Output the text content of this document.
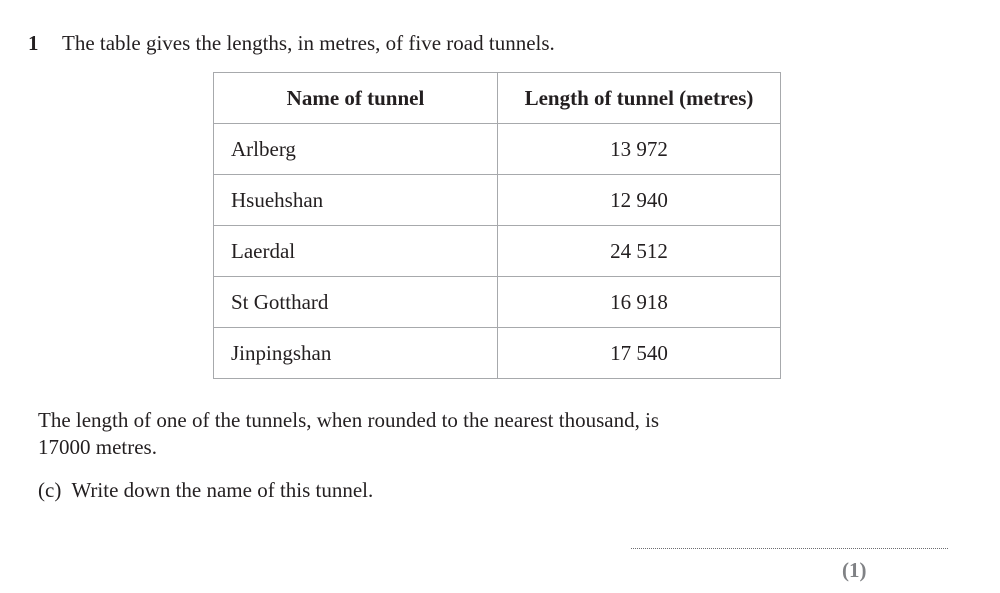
1 The table gives the lengths, in metres, of five road tunnels.
Name of tunnel	Length of tunnel (metres)
Arlberg	13 972
Hsuehshan	12 940
Laerdal	24 512
St Gotthard	16 918
Jinpingshan	17 540
The length of one of the tunnels, when rounded to the nearest thousand, is
17000 metres.
(c) Write down the name of this tunnel.
(1)
